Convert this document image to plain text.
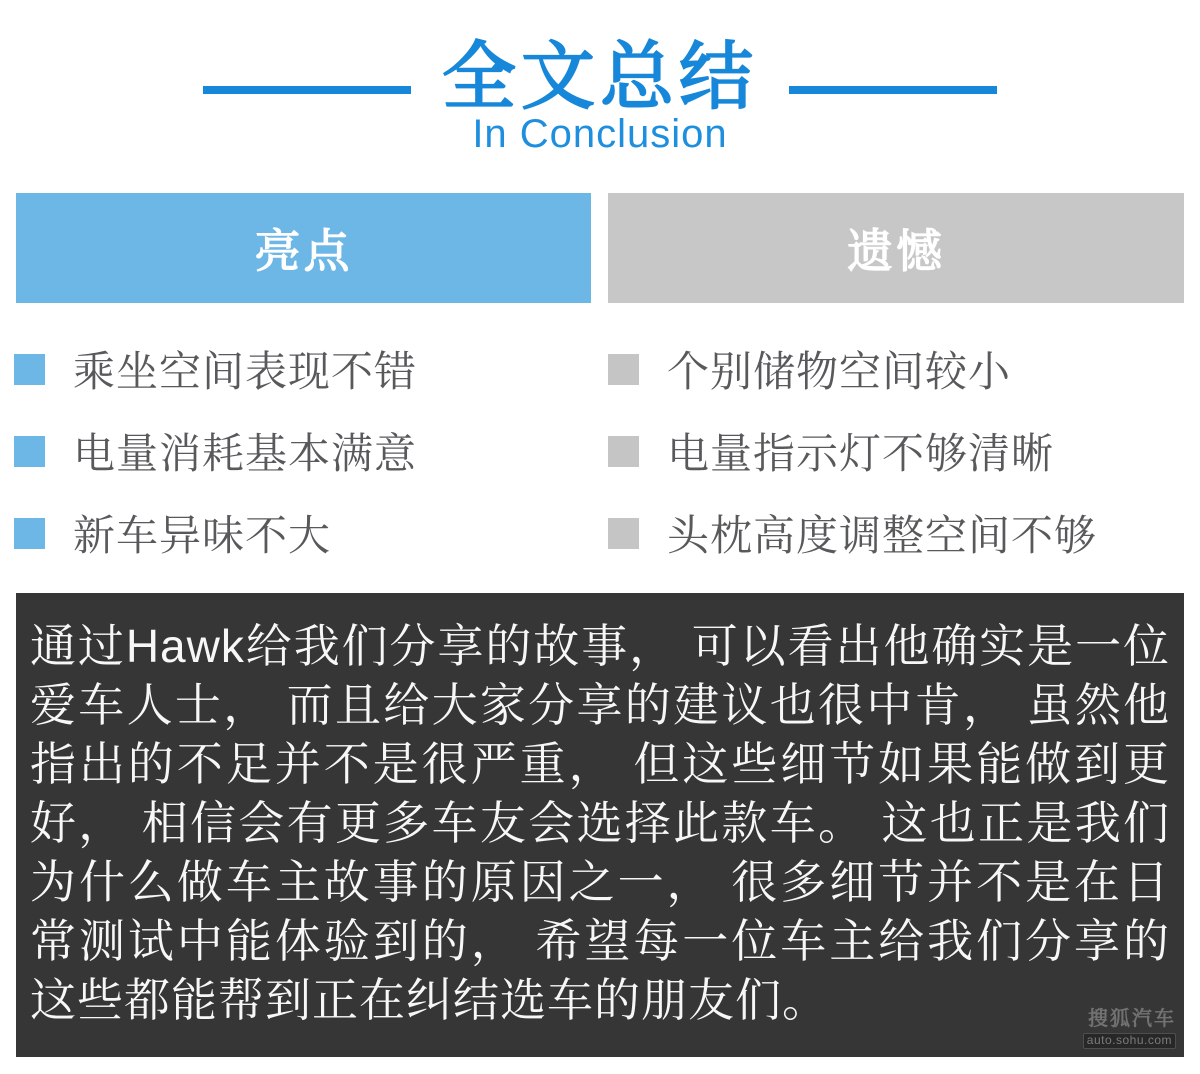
全文总结
In Conclusion
亮点	遗憾
乘坐空间表现不错
电量消耗基本满意
新车异味不大
个别储物空间较小
电量指示灯不够清晰
头枕高度调整空间不够

通过Hawk给我们分享的故事， 可以看出他确实是一位爱车人士， 而且给大家分享的建议也很中肯， 虽然他指出的不足并不是很严重， 但这些细节如果能做到更好， 相信会有更多车友会选择此款车。 这也正是我们为什么做车主故事的原因之一， 很多细节并不是在日常测试中能体验到的， 希望每一位车主给我们分享的这些都能帮到正在纠结选车的朋友们。	搜狐汽车
auto.sohu.com
